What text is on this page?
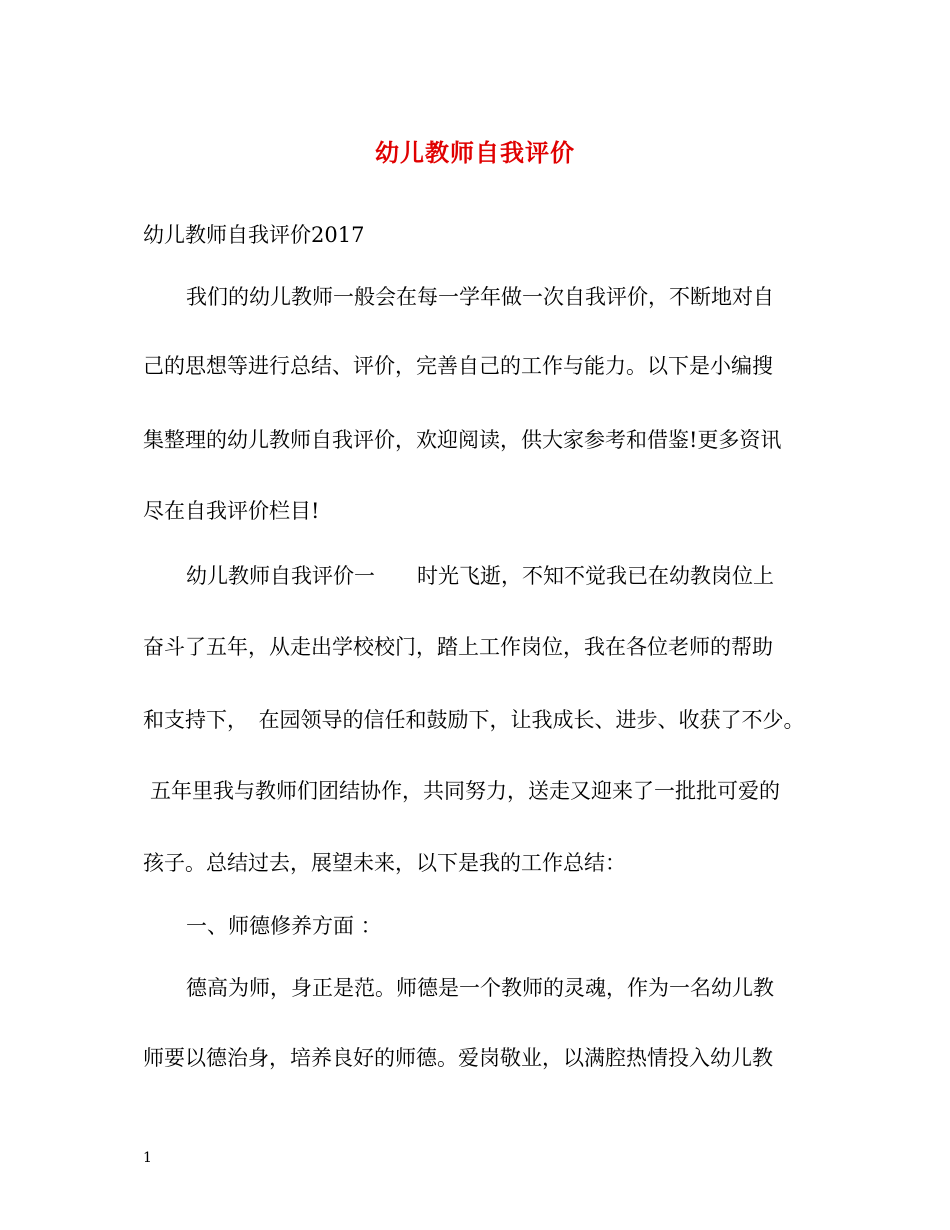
幼儿教师自我评价
幼儿教师自我评价2017
我们的幼儿教师一般会在每一学年做一次自我评价，不断地对自
己的思想等进行总结、评价，完善自己的工作与能力。以下是小编搜
集整理的幼儿教师自我评价，欢迎阅读，供大家参考和借鉴!更多资讯
尽在自我评价栏目!
幼儿教师自我评价一　　时光飞逝，不知不觉我已在幼教岗位上
奋斗了五年，从走出学校校门，踏上工作岗位，我在各位老师的帮助
和支持下，　在园领导的信任和鼓励下，让我成长、进步、收获了不少。
五年里我与教师们团结协作，共同努力，送走又迎来了一批批可爱的
孩子。总结过去，展望未来，以下是我的工作总结：
一、师德修养方面 ：
德高为师，身正是范。师德是一个教师的灵魂，作为一名幼儿教
师要以德治身，培养良好的师德。爱岗敬业，以满腔热情投入幼儿教
1
